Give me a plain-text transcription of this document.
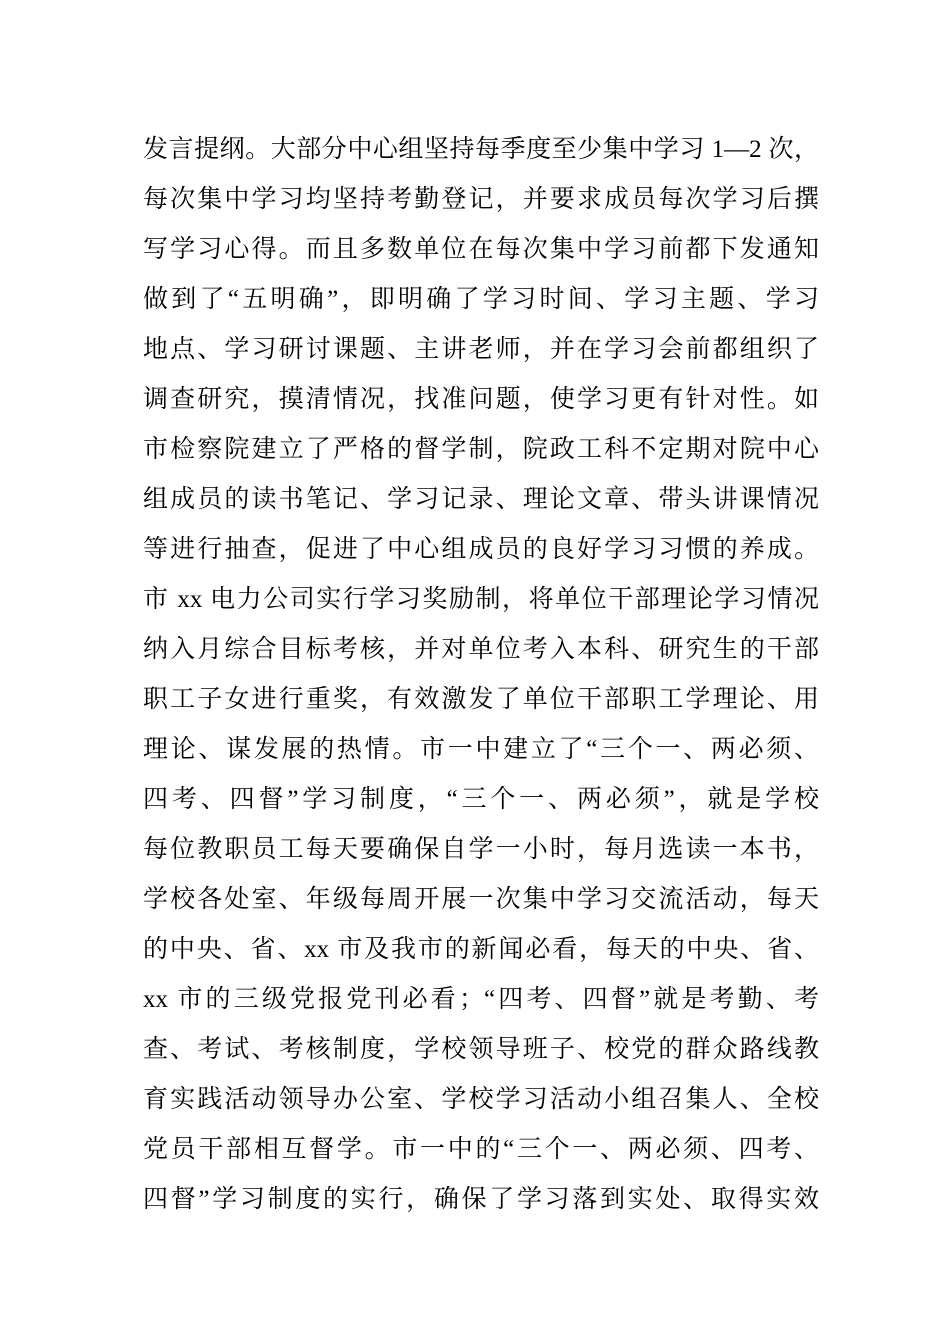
发言提纲。大部分中心组坚持每季度至少集中学习 1—2 次，
每次集中学习均坚持考勤登记，并要求成员每次学习后撰
写学习心得。而且多数单位在每次集中学习前都下发通知
做到了“五明确”，即明确了学习时间、学习主题、学习
地点、学习研讨课题、主讲老师，并在学习会前都组织了
调查研究，摸清情况，找准问题，使学习更有针对性。如
市检察院建立了严格的督学制，院政工科不定期对院中心
组成员的读书笔记、学习记录、理论文章、带头讲课情况
等进行抽查，促进了中心组成员的良好学习习惯的养成。
市 xx 电力公司实行学习奖励制，将单位干部理论学习情况
纳入月综合目标考核，并对单位考入本科、研究生的干部
职工子女进行重奖，有效激发了单位干部职工学理论、用
理论、谋发展的热情。市一中建立了“三个一、两必须、
四考、四督”学习制度，“三个一、两必须”，就是学校
每位教职员工每天要确保自学一小时，每月选读一本书，
学校各处室、年级每周开展一次集中学习交流活动，每天
的中央、省、xx 市及我市的新闻必看，每天的中央、省、
xx 市的三级党报党刊必看；“四考、四督”就是考勤、考
查、考试、考核制度，学校领导班子、校党的群众路线教
育实践活动领导办公室、学校学习活动小组召集人、全校
党员干部相互督学。市一中的“三个一、两必须、四考、
四督”学习制度的实行，确保了学习落到实处、取得实效
